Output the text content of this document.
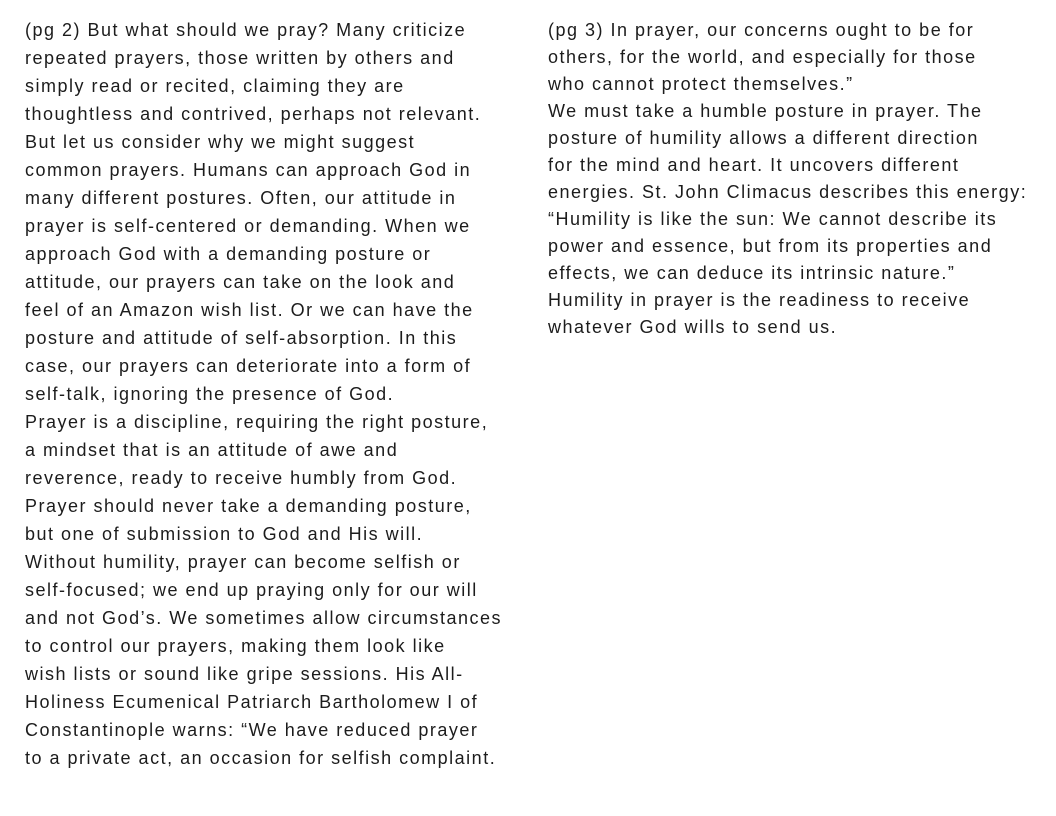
(pg 2) But what should we pray? Many criticize
repeated prayers, those written by others and
simply read or recited, claiming they are
thoughtless and contrived, perhaps not relevant.
But let us consider why we might suggest
common prayers. Humans can approach God in
many different postures. Often, our attitude in
prayer is self-centered or demanding. When we
approach God with a demanding posture or
attitude, our prayers can take on the look and
feel of an Amazon wish list. Or we can have the
posture and attitude of self-absorption. In this
case, our prayers can deteriorate into a form of
self-talk, ignoring the presence of God.
Prayer is a discipline, requiring the right posture,
a mindset that is an attitude of awe and
reverence, ready to receive humbly from God.
Prayer should never take a demanding posture,
but one of submission to God and His will.
Without humility, prayer can become selfish or
self-focused; we end up praying only for our will
and not God’s. We sometimes allow circumstances
to control our prayers, making them look like
wish lists or sound like gripe sessions. His All-
Holiness Ecumenical Patriarch Bartholomew I of
Constantinople warns: “We have reduced prayer
to a private act, an occasion for selfish complaint.
(pg 3) In prayer, our concerns ought to be for
others, for the world, and especially for those
who cannot protect themselves.”
We must take a humble posture in prayer. The
posture of humility allows a different direction
for the mind and heart. It uncovers different
energies. St. John Climacus describes this energy:
“Humility is like the sun: We cannot describe its
power and essence, but from its properties and
effects, we can deduce its intrinsic nature.”
Humility in prayer is the readiness to receive
whatever God wills to send us.
